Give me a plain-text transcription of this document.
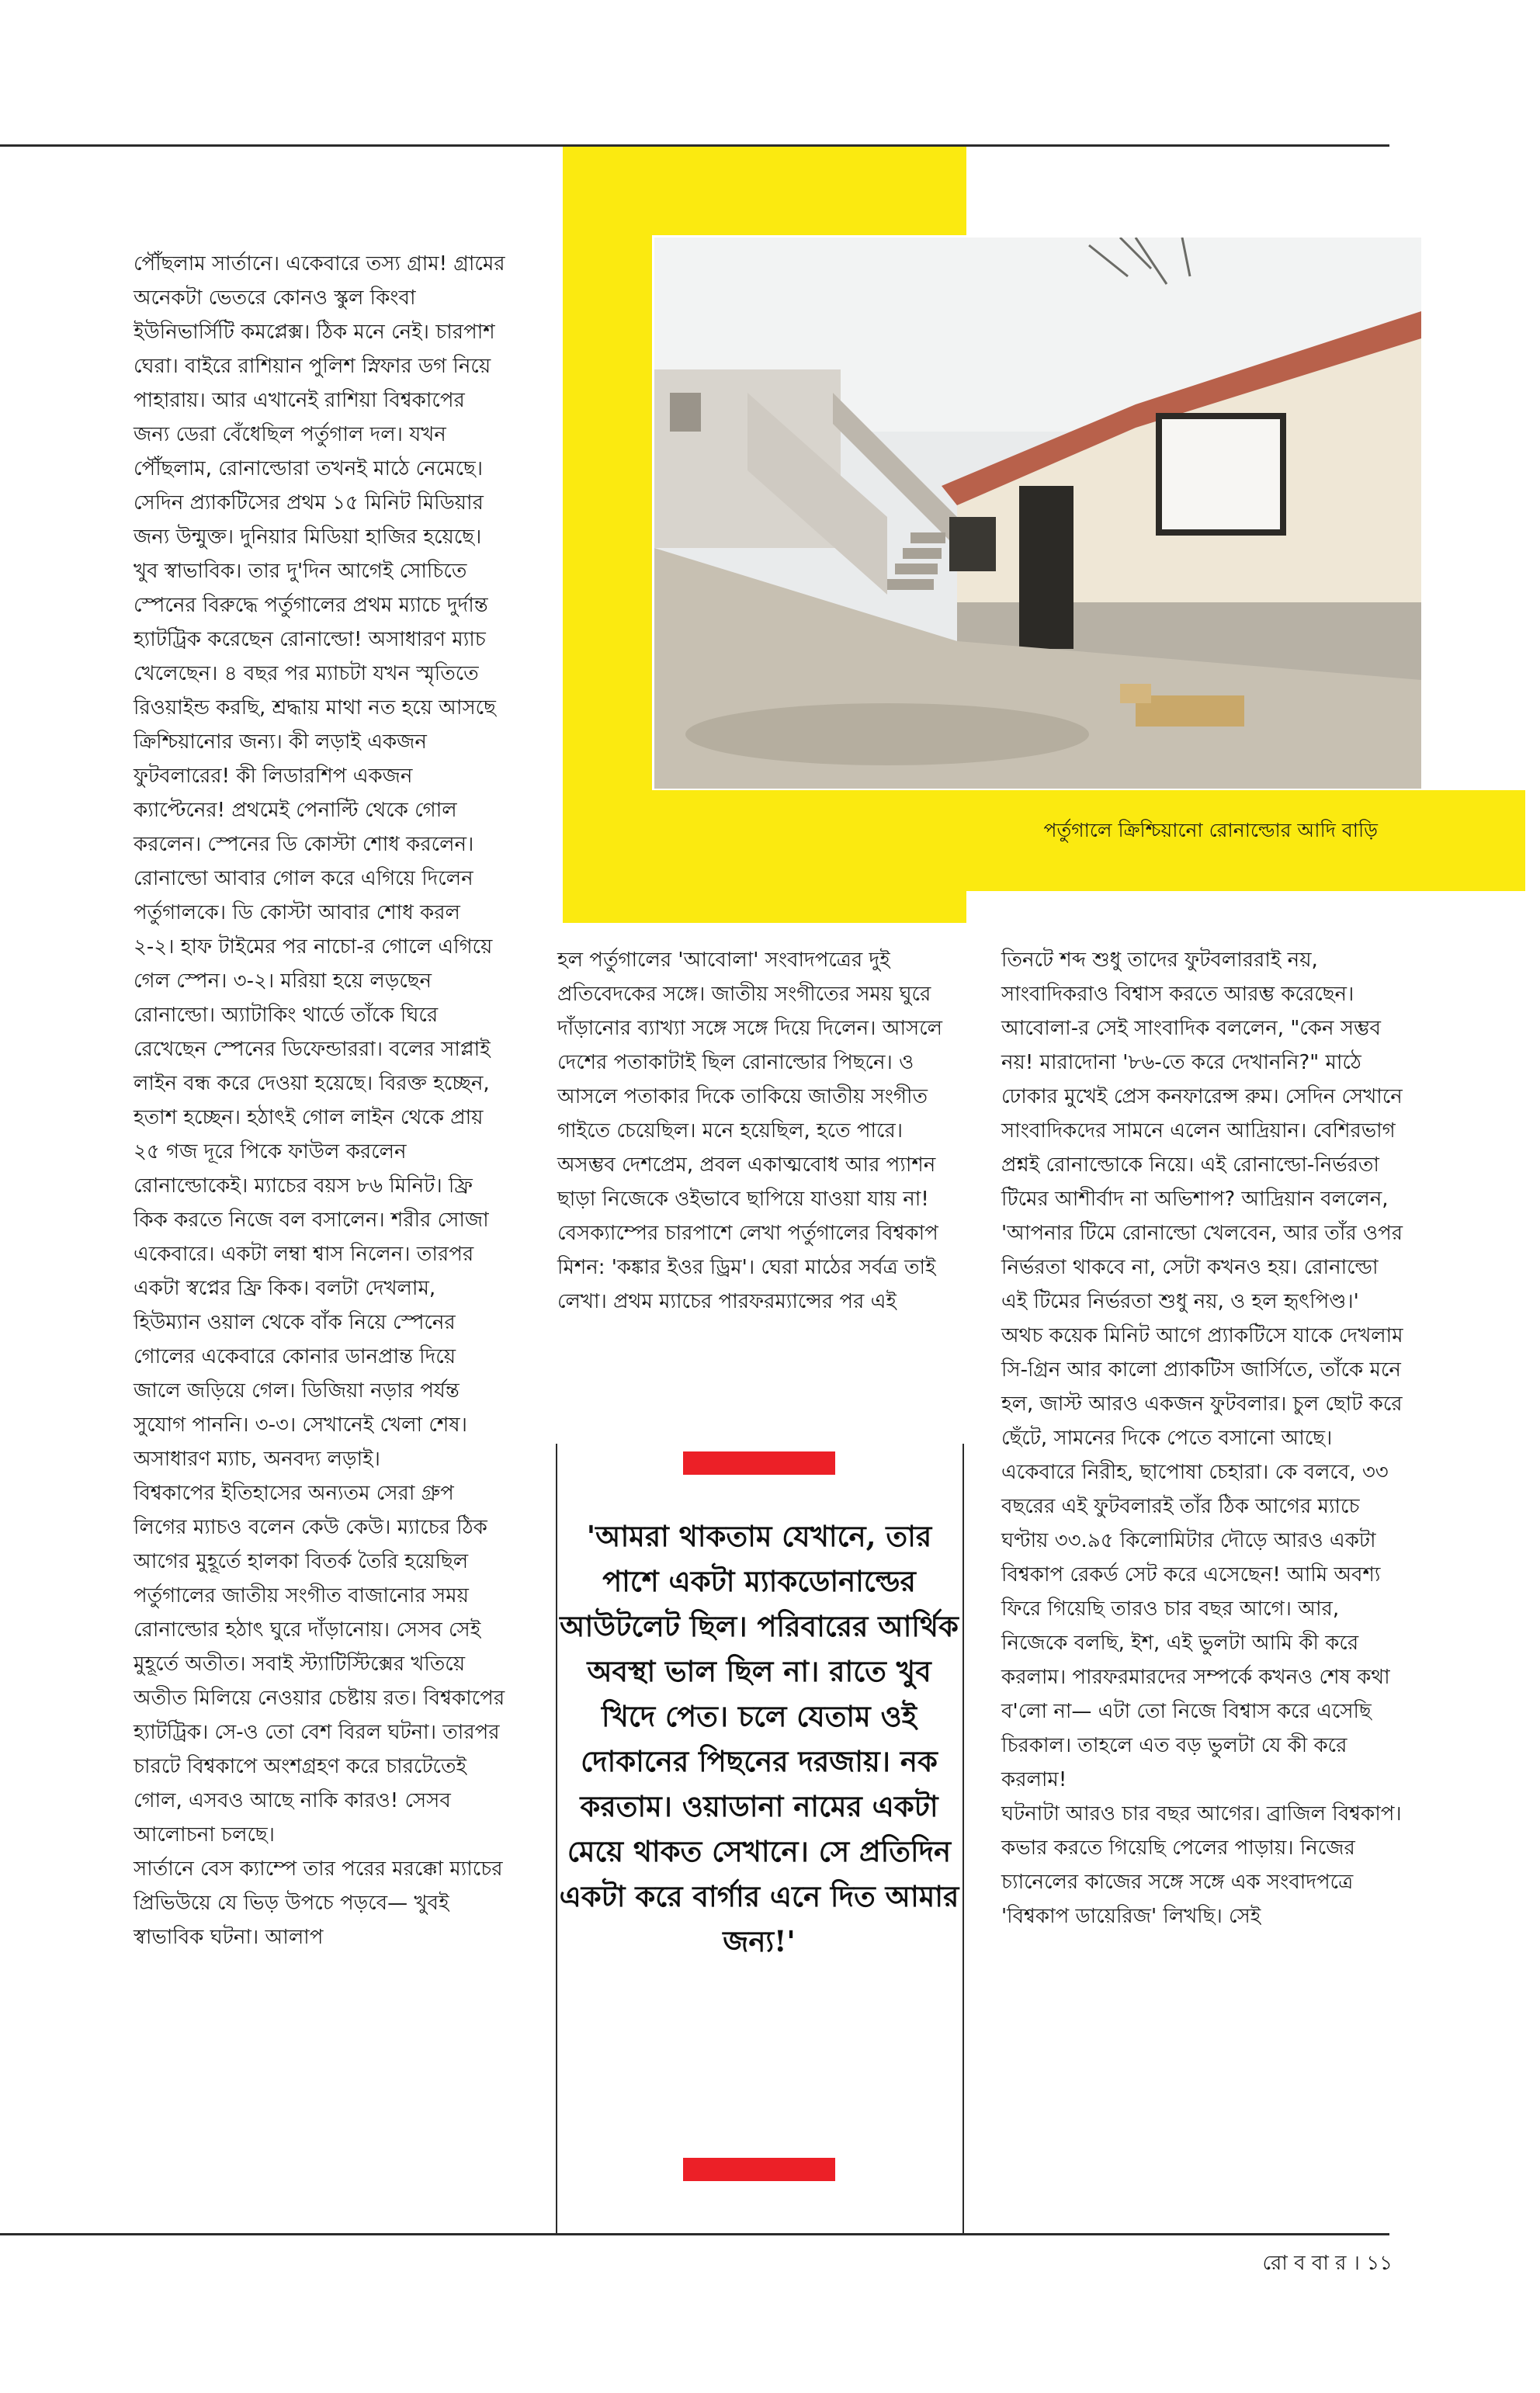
পর্তুগালে ক্রিশ্চিয়ানো রোনাল্ডোর আদি বাড়ি
পৌঁছলাম সার্তানে। একেবারে তস্য গ্রাম! গ্রামের অনেকটা ভেতরে কোনও স্কুল কিংবা ইউনিভার্সিটি কমপ্লেক্স। ঠিক মনে নেই। চারপাশ ঘেরা। বাইরে রাশিয়ান পুলিশ স্নিফার ডগ নিয়ে পাহারায়। আর এখানেই রাশিয়া বিশ্বকাপের জন্য ডেরা বেঁধেছিল পর্তুগাল দল। যখন পৌঁছলাম, রোনাল্ডোরা তখনই মাঠে নেমেছে।
সেদিন প্র্যাকটিসের প্রথম ১৫ মিনিট মিডিয়ার জন্য উন্মুক্ত। দুনিয়ার মিডিয়া হাজির হয়েছে। খুব স্বাভাবিক। তার দু'দিন আগেই সোচিতে স্পেনের বিরুদ্ধে পর্তুগালের প্রথম ম্যাচে দুর্দান্ত হ্যাটট্রিক করেছেন রোনাল্ডো! অসাধারণ ম্যাচ খেলেছেন। ৪ বছর পর ম্যাচটা যখন স্মৃতিতে রিওয়াইন্ড করছি, শ্রদ্ধায় মাথা নত হয়ে আসছে ক্রিশ্চিয়ানোর জন্য। কী লড়াই একজন ফুটবলারের! কী লিডারশিপ একজন ক্যাপ্টেনের! প্রথমেই পেনাল্টি থেকে গোল করলেন। স্পেনের ডি কোস্টা শোধ করলেন। রোনাল্ডো আবার গোল করে এগিয়ে দিলেন পর্তুগালকে। ডি কোস্টা আবার শোধ করল ২-২। হাফ টাইমের পর নাচো-র গোলে এগিয়ে গেল স্পেন। ৩-২। মরিয়া হয়ে লড়ছেন রোনাল্ডো। অ্যাটাকিং থার্ডে তাঁকে ঘিরে রেখেছেন স্পেনের ডিফেন্ডাররা। বলের সাপ্লাই লাইন বন্ধ করে দেওয়া হয়েছে। বিরক্ত হচ্ছেন, হতাশ হচ্ছেন। হঠাৎই গোল লাইন থেকে প্রায় ২৫ গজ দূরে পিকে ফাউল করলেন রোনাল্ডোকেই। ম্যাচের বয়স ৮৬ মিনিট। ফ্রি কিক করতে নিজে বল বসালেন। শরীর সোজা একেবারে। একটা লম্বা শ্বাস নিলেন। তারপর একটা স্বপ্নের ফ্রি কিক। বলটা দেখলাম, হিউম্যান ওয়াল থেকে বাঁক নিয়ে স্পেনের গোলের একেবারে কোনার ডানপ্রান্ত দিয়ে জালে জড়িয়ে গেল। ডিজিয়া নড়ার পর্যন্ত সুযোগ পাননি। ৩-৩। সেখানেই খেলা শেষ। অসাধারণ ম্যাচ, অনবদ্য লড়াই।
বিশ্বকাপের ইতিহাসের অন্যতম সেরা গ্রুপ লিগের ম্যাচও বলেন কেউ কেউ। ম্যাচের ঠিক আগের মুহূর্তে হালকা বিতর্ক তৈরি হয়েছিল পর্তুগালের জাতীয় সংগীত বাজানোর সময় রোনাল্ডোর হঠাৎ ঘুরে দাঁড়ানোয়। সেসব সেই মুহূর্তে অতীত। সবাই স্ট্যাটিস্টিক্সের খতিয়ে অতীত মিলিয়ে নেওয়ার চেষ্টায় রত। বিশ্বকাপের হ্যাটট্রিক। সে-ও তো বেশ বিরল ঘটনা। তারপর চারটে বিশ্বকাপে অংশগ্রহণ করে চারটেতেই গোল, এসবও আছে নাকি কারও! সেসব আলোচনা চলছে।
সার্তানে বেস ক্যাম্পে তার পরের মরক্কো ম্যাচের প্রিভিউয়ে যে ভিড় উপচে পড়বে— খুবই স্বাভাবিক ঘটনা। আলাপ
হল পর্তুগালের 'আবোলা' সংবাদপত্রের দুই প্রতিবেদকের সঙ্গে। জাতীয় সংগীতের সময় ঘুরে দাঁড়ানোর ব্যাখ্যা সঙ্গে সঙ্গে দিয়ে দিলেন। আসলে দেশের পতাকাটাই ছিল রোনাল্ডোর পিছনে। ও আসলে পতাকার দিকে তাকিয়ে জাতীয় সংগীত গাইতে চেয়েছিল। মনে হয়েছিল, হতে পারে। অসম্ভব দেশপ্রেম, প্রবল একাত্মবোধ আর প্যাশন ছাড়া নিজেকে ওইভাবে ছাপিয়ে যাওয়া যায় না!
বেসক্যাম্পের চারপাশে লেখা পর্তুগালের বিশ্বকাপ মিশন: 'কঙ্কার ইওর ড্রিম'। ঘেরা মাঠের সর্বত্র তাই লেখা। প্রথম ম্যাচের পারফরম্যান্সের পর এই
তিনটে শব্দ শুধু তাদের ফুটবলাররাই নয়, সাংবাদিকরাও বিশ্বাস করতে আরম্ভ করেছেন। আবোলা-র সেই সাংবাদিক বললেন, "কেন সম্ভব নয়! মারাদোনা '৮৬-তে করে দেখাননি?" মাঠে ঢোকার মুখেই প্রেস কনফারেন্স রুম। সেদিন সেখানে সাংবাদিকদের সামনে এলেন আদ্রিয়ান। বেশিরভাগ প্রশ্নই রোনাল্ডোকে নিয়ে। এই রোনাল্ডো-নির্ভরতা টিমের আশীর্বাদ না অভিশাপ? আদ্রিয়ান বললেন, 'আপনার টিমে রোনাল্ডো খেলবেন, আর তাঁর ওপর নির্ভরতা থাকবে না, সেটা কখনও হয়। রোনাল্ডো এই টিমের নির্ভরতা শুধু নয়, ও হল হৃৎপিণ্ড।' অথচ কয়েক মিনিট আগে প্র্যাকটিসে যাকে দেখলাম সি-গ্রিন আর কালো প্র্যাকটিস জার্সিতে, তাঁকে মনে হল, জাস্ট আরও একজন ফুটবলার। চুল ছোট করে ছেঁটে, সামনের দিকে পেতে বসানো আছে। একেবারে নিরীহ, ছাপোষা চেহারা। কে বলবে, ৩৩ বছরের এই ফুটবলারই তাঁর ঠিক আগের ম্যাচে ঘণ্টায় ৩৩.৯৫ কিলোমিটার দৌড়ে আরও একটা বিশ্বকাপ রেকর্ড সেট করে এসেছেন! আমি অবশ্য ফিরে গিয়েছি তারও চার বছর আগে। আর, নিজেকে বলছি, ইশ, এই ভুলটা আমি কী করে করলাম। পারফরমারদের সম্পর্কে কখনও শেষ কথা ব'লো না— এটা তো নিজে বিশ্বাস করে এসেছি চিরকাল। তাহলে এত বড় ভুলটা যে কী করে করলাম!
ঘটনাটা আরও চার বছর আগের। ব্রাজিল বিশ্বকাপ। কভার করতে গিয়েছি পেলের পাড়ায়। নিজের চ্যানেলের কাজের সঙ্গে সঙ্গে এক সংবাদপত্রে 'বিশ্বকাপ ডায়েরিজ' লিখছি। সেই
'আমরা থাকতাম যেখানে, তার পাশে একটা ম্যাকডোনাল্ডের আউটলেট ছিল। পরিবারের আর্থিক অবস্থা ভাল ছিল না। রাতে খুব খিদে পেত। চলে যেতাম ওই দোকানের পিছনের দরজায়। নক করতাম। ওয়াডানা নামের একটা মেয়ে থাকত সেখানে। সে প্রতিদিন একটা করে বার্গার এনে দিত আমার জন্য!'
রো ব বা র । ১১
